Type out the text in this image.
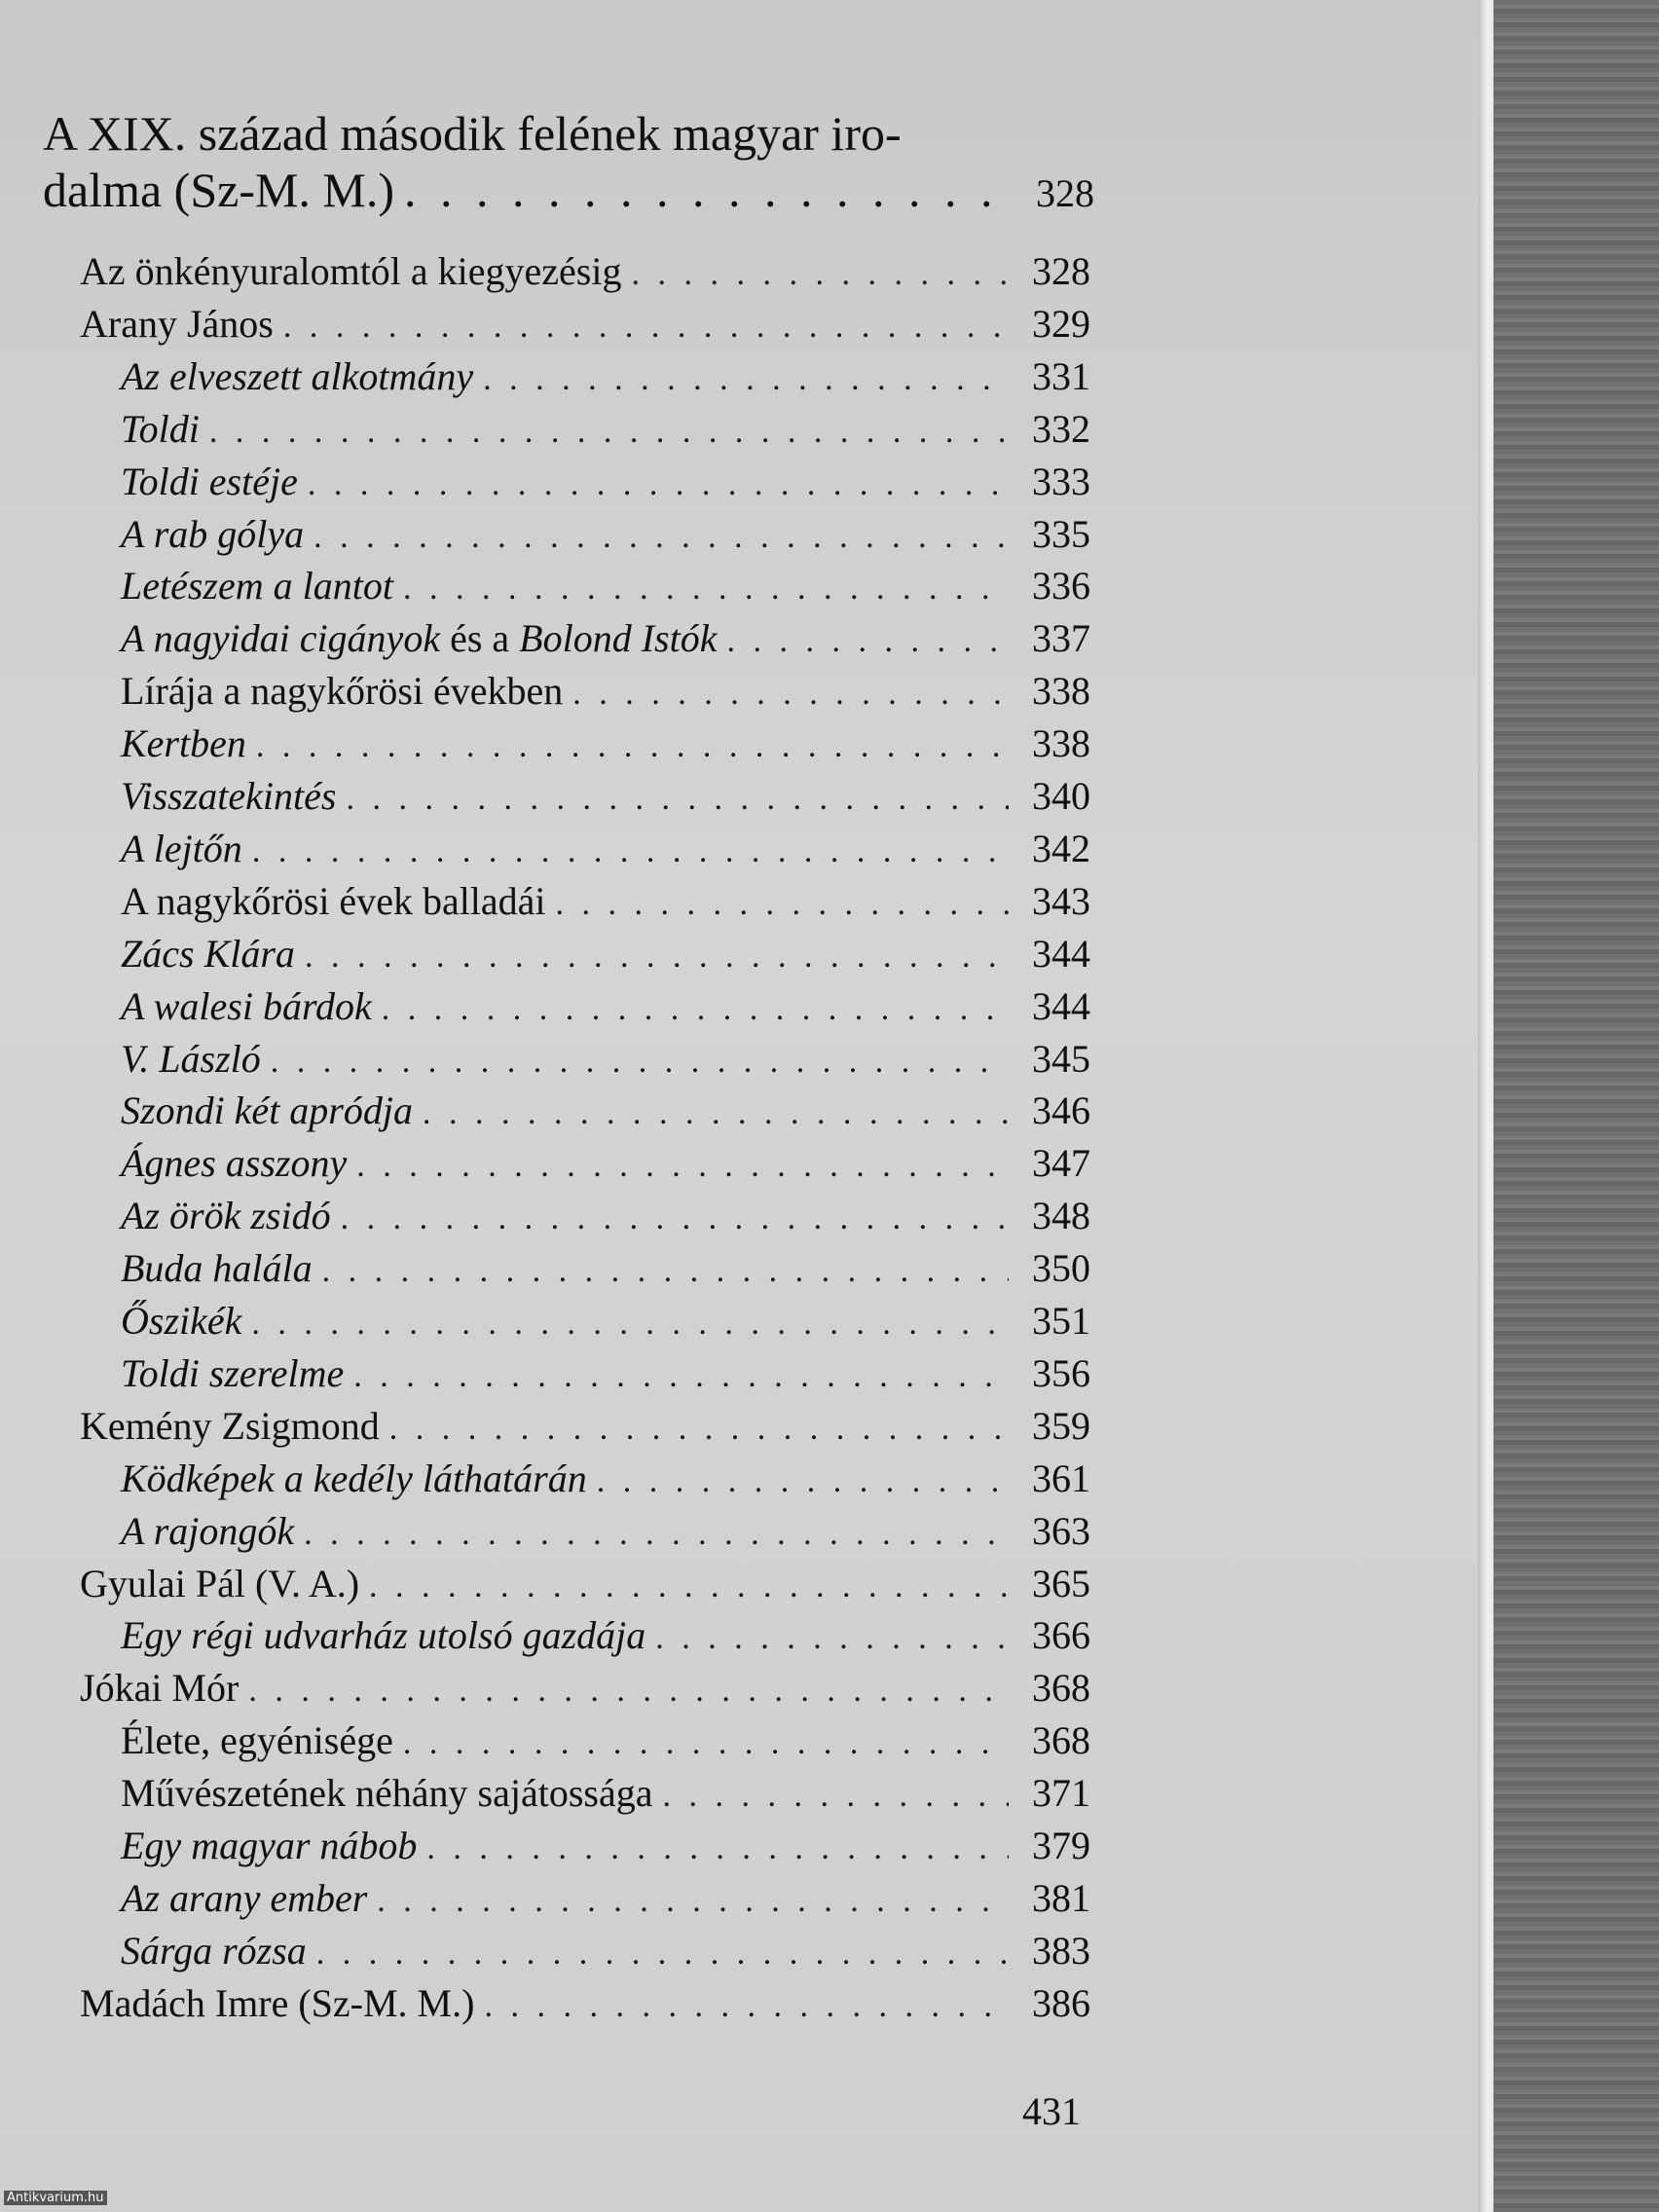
A XIX. század második felének magyar iro-
dalma (Sz-M. M.) . . .	328
Az önkényuralomtól a kiegyezésig . . .	328
Arany János . . .	329
Az elveszett alkotmány . . .	331
Toldi . . .	332
Toldi estéje . . .	333
A rab gólya . . .	335
Letészem a lantot . . .	336
A nagyidai cigányok és a Bolond Istók . . .	337
Lírája a nagykőrösi években . . .	338
Kertben . . .	338
Visszatekintés . . .	340
A lejtőn . . .	342
A nagykőrösi évek balladái . . .	343
Zács Klára . . .	344
A walesi bárdok . . .	344
V. László . . .	345
Szondi két apródja . . .	346
Ágnes asszony . . .	347
Az örök zsidó . . .	348
Buda halála . . .	350
Őszikék . . .	351
Toldi szerelme . . .	356
Kemény Zsigmond . . .	359
Ködképek a kedély láthatárán . . .	361
A rajongók . . .	363
Gyulai Pál (V. A.) . . .	365
Egy régi udvarház utolsó gazdája . . .	366
Jókai Mór . . .	368
Élete, egyénisége . . .	368
Művészetének néhány sajátossága . . .	371
Egy magyar nábob . . .	379
Az arany ember . . .	381
Sárga rózsa . . .	383
Madách Imre (Sz-M. M.) . . .	386
431
Antikvarium.hu
